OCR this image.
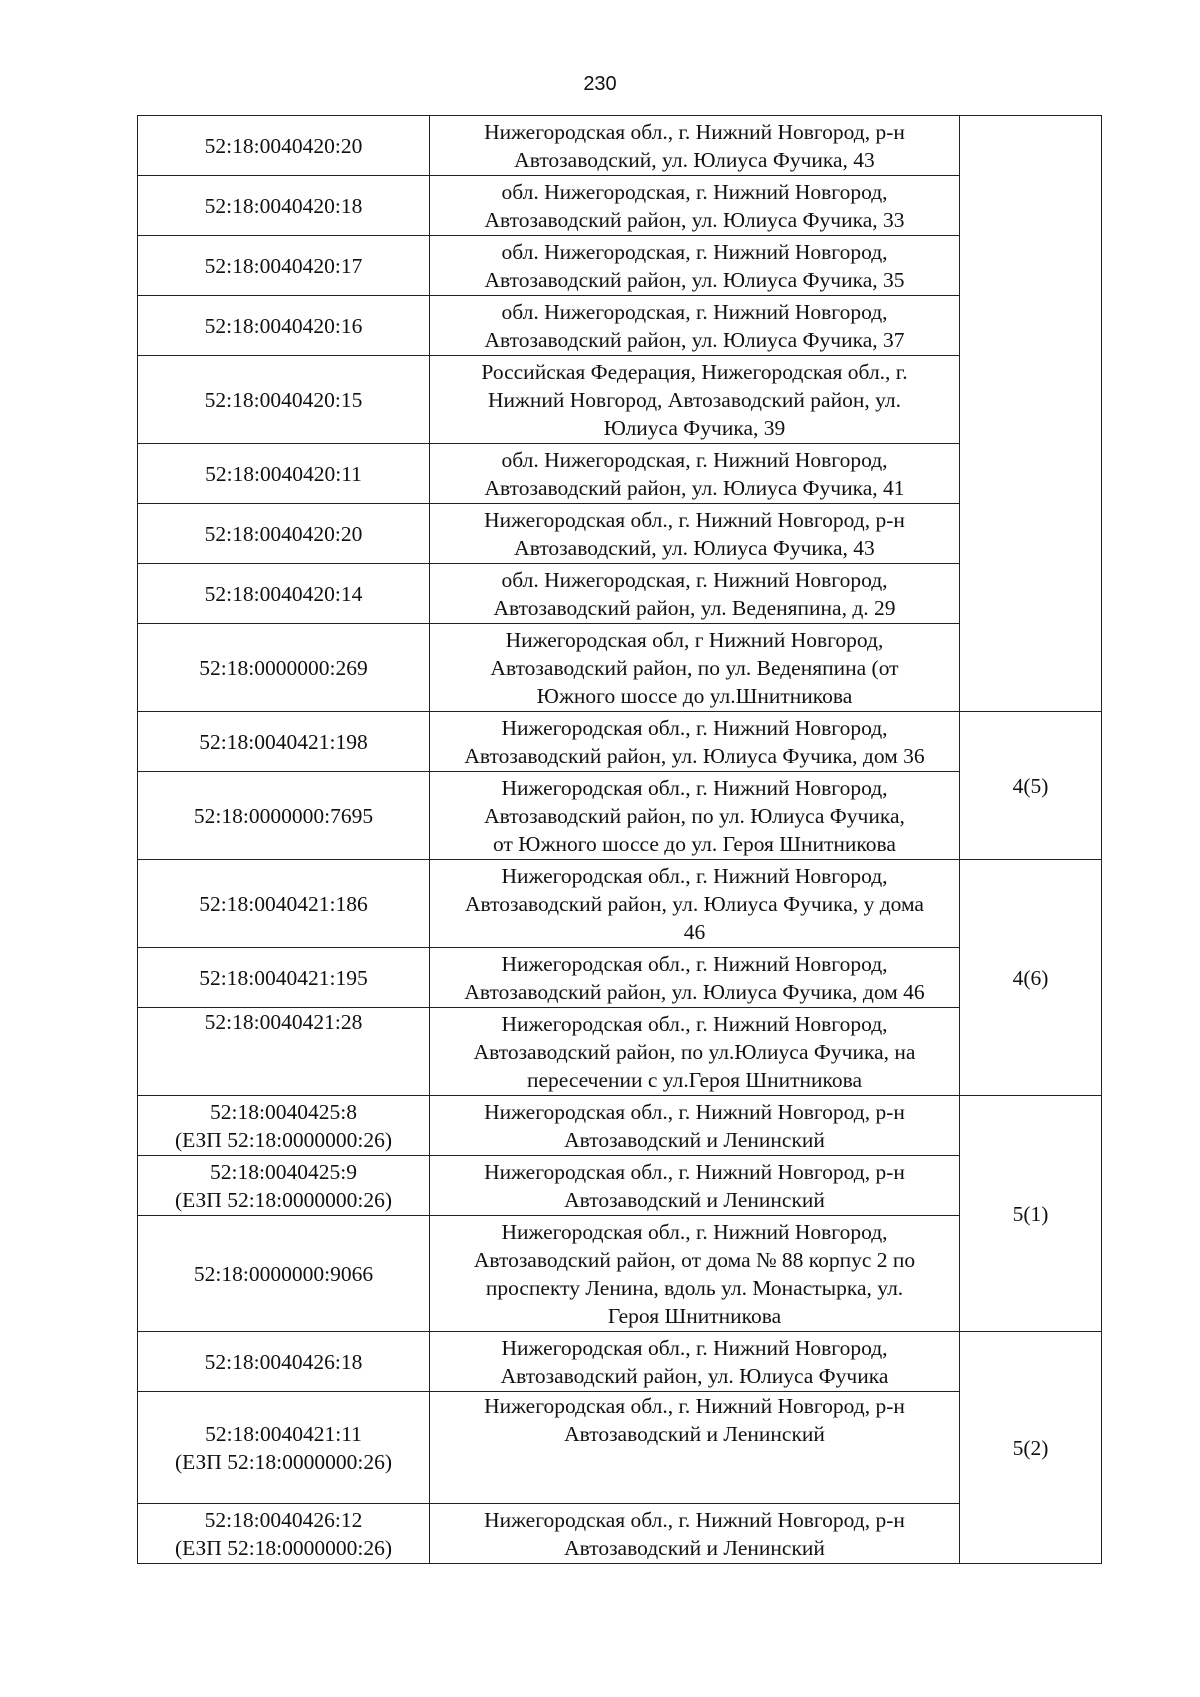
230
52:18:0040420:20	Нижегородская обл., г. Нижний Новгород, р-н
Автозаводский, ул. Юлиуса Фучика, 43	

52:18:0040420:18	обл. Нижегородская, г. Нижний Новгород,
Автозаводский район, ул. Юлиуса Фучика, 33	

52:18:0040420:17	обл. Нижегородская, г. Нижний Новгород,
Автозаводский район, ул. Юлиуса Фучика, 35	

52:18:0040420:16	обл. Нижегородская, г. Нижний Новгород,
Автозаводский район, ул. Юлиуса Фучика, 37	

52:18:0040420:15	Российская Федерация, Нижегородская обл., г.
Нижний Новгород, Автозаводский район, ул.
Юлиуса Фучика, 39	

52:18:0040420:11	обл. Нижегородская, г. Нижний Новгород,
Автозаводский район, ул. Юлиуса Фучика, 41	

52:18:0040420:20	Нижегородская обл., г. Нижний Новгород, р-н
Автозаводский, ул. Юлиуса Фучика, 43	

52:18:0040420:14	обл. Нижегородская, г. Нижний Новгород,
Автозаводский район, ул. Веденяпина, д. 29	

52:18:0000000:269	Нижегородская обл, г Нижний Новгород,
Автозаводский район, по ул. Веденяпина (от
Южного шоссе до ул.Шнитникова	

52:18:0040421:198	Нижегородская обл., г. Нижний Новгород,
Автозаводский район, ул. Юлиуса Фучика, дом 36	4(5)

52:18:0000000:7695	Нижегородская обл., г. Нижний Новгород,
Автозаводский район, по ул. Юлиуса Фучика,
от Южного шоссе до ул. Героя Шнитникова	

52:18:0040421:186	Нижегородская обл., г. Нижний Новгород,
Автозаводский район, ул. Юлиуса Фучика, у дома
46	4(6)

52:18:0040421:195	Нижегородская обл., г. Нижний Новгород,
Автозаводский район, ул. Юлиуса Фучика, дом 46	

52:18:0040421:28	Нижегородская обл., г. Нижний Новгород,
Автозаводский район, по ул.Юлиуса Фучика, на
пересечении с ул.Героя Шнитникова	

52:18:0040425:8
(ЕЗП 52:18:0000000:26)	Нижегородская обл., г. Нижний Новгород, р-н
Автозаводский и Ленинский	5(1)

52:18:0040425:9
(ЕЗП 52:18:0000000:26)	Нижегородская обл., г. Нижний Новгород, р-н
Автозаводский и Ленинский	

52:18:0000000:9066	Нижегородская обл., г. Нижний Новгород,
Автозаводский район, от дома № 88 корпус 2 по
проспекту Ленина, вдоль ул. Монастырка, ул.
Героя Шнитникова	

52:18:0040426:18	Нижегородская обл., г. Нижний Новгород,
Автозаводский район, ул. Юлиуса Фучика	5(2)

52:18:0040421:11
(ЕЗП 52:18:0000000:26)	Нижегородская обл., г. Нижний Новгород, р-н
Автозаводский и Ленинский	

52:18:0040426:12
(ЕЗП 52:18:0000000:26)	Нижегородская обл., г. Нижний Новгород, р-н
Автозаводский и Ленинский	
